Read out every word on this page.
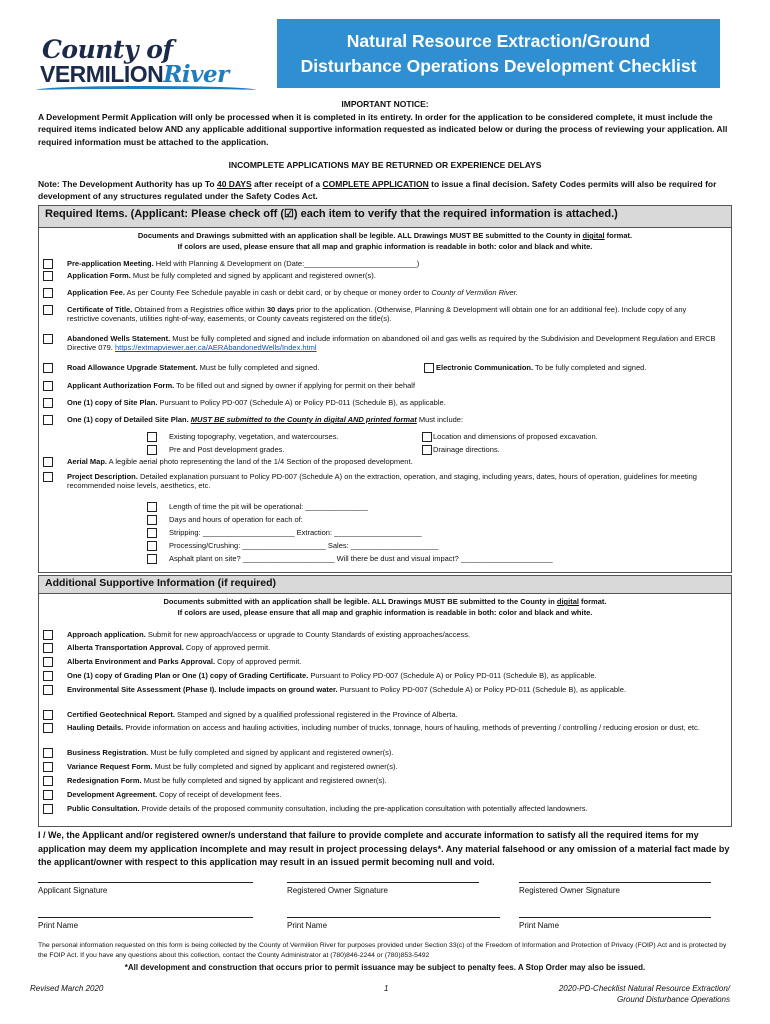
County of
VERMILIONRiver
Natural Resource Extraction/Ground
Disturbance Operations Development Checklist
IMPORTANT NOTICE:
A Development Permit Application will only be processed when it is completed in its entirety. In order for the application to be considered complete, it must include the required items indicated below AND any applicable additional supportive information requested as indicated below or during the process of reviewing your application. All required information must be attached to the application.
INCOMPLETE APPLICATIONS MAY BE RETURNED OR EXPERIENCE DELAYS
Note: The Development Authority has up To 40 DAYS after receipt of a COMPLETE APPLICATION to issue a final decision. Safety Codes permits will also be required for development of any structures regulated under the Safety Codes Act.
Required Items. (Applicant: Please check off (☑) each item to verify that the required information is attached.)
Documents and Drawings submitted with an application shall be legible. ALL Drawings MUST BE submitted to the County in digital format.
If colors are used, please ensure that all map and graphic information is readable in both: color and black and white.
Pre-application Meeting. Held with Planning & Development on (Date:___________________________)
Application Form. Must be fully completed and signed by applicant and registered owner(s).
Application Fee. As per County Fee Schedule payable in cash or debit card, or by cheque or money order to County of Vermilion River.
Certificate of Title. Obtained from a Registries office within 30 days prior to the application. (Otherwise, Planning & Development will obtain one for an additional fee). Include copy of any restrictive covenants, utilities right-of-way, easements, or County caveats registered on the title(s).
Abandoned Wells Statement. Must be fully completed and signed and include information on abandoned oil and gas wells as required by the Subdivision and Development Regulation and ERCB Directive 079. https://extmapviewer.aer.ca/AERAbandonedWells/Index.html
Road Allowance Upgrade Statement. Must be fully completed and signed.	Electronic Communication. To be fully completed and signed.
Applicant Authorization Form. To be filled out and signed by owner if applying for permit on their behalf
One (1) copy of Site Plan. Pursuant to Policy PD-007 (Schedule A) or Policy PD-011 (Schedule B), as applicable.
One (1) copy of Detailed Site Plan. MUST BE submitted to the County in digital AND printed format Must include:
Existing topography, vegetation, and watercourses.	Location and dimensions of proposed excavation.
Pre and Post development grades.	Drainage directions.
Aerial Map. A legible aerial photo representing the land of the 1/4 Section of the proposed development.
Project Description. Detailed explanation pursuant to Policy PD-007 (Schedule A) on the extraction, operation, and staging, including years, dates, hours of operation, guidelines for meeting recommended noise levels, aesthetics, etc.
Length of time the pit will be operational: _______________
Days and hours of operation for each of:
Stripping: ______________________ Extraction: _____________________
Processing/Crushing: ____________________ Sales: _____________________
Asphalt plant on site? ______________________ Will there be dust and visual impact? ______________________
Additional Supportive Information (if required)
Documents submitted with an application shall be legible. ALL Drawings MUST BE submitted to the County in digital format.
If colors are used, please ensure that all map and graphic information is readable in both: color and black and white.
Approach application. Submit for new approach/access or upgrade to County Standards of existing approaches/access.
Alberta Transportation Approval. Copy of approved permit.
Alberta Environment and Parks Approval. Copy of approved permit.
One (1) copy of Grading Plan or One (1) copy of Grading Certificate. Pursuant to Policy PD-007 (Schedule A) or Policy PD-011 (Schedule B), as applicable.
Environmental Site Assessment (Phase I). Include impacts on ground water. Pursuant to Policy PD-007 (Schedule A) or Policy PD-011 (Schedule B), as applicable.
Certified Geotechnical Report. Stamped and signed by a qualified professional registered in the Province of Alberta.
Hauling Details. Provide information on access and hauling activities, including number of trucks, tonnage, hours of hauling, methods of preventing / controlling / reducing erosion or dust, etc.
Business Registration. Must be fully completed and signed by applicant and registered owner(s).
Variance Request Form. Must be fully completed and signed by applicant and registered owner(s).
Redesignation Form. Must be fully completed and signed by applicant and registered owner(s).
Development Agreement. Copy of receipt of development fees.
Public Consultation. Provide details of the proposed community consultation, including the pre-application consultation with potentially affected landowners.
I / We, the Applicant and/or registered owner/s understand that failure to provide complete and accurate information to satisfy all the required items for my application may deem my application incomplete and may result in project processing delays*. Any material falsehood or any omission of a material fact made by the applicant/owner with respect to this application may result in an issued permit becoming null and void.
Applicant Signature	Registered Owner Signature	Registered Owner Signature
Print Name	Print Name	Print Name
The personal information requested on this form is being collected by the County of Vermilion River for purposes provided under Section 33(c) of the Freedom of Information and Protection of Privacy (FOIP) Act and is protected by the FOIP Act. If you have any questions about this collection, contact the County Administrator at (780)846-2244 or (780)853-5492
*All development and construction that occurs prior to permit issuance may be subject to penalty fees. A Stop Order may also be issued.
Revised March 2020	1	2020-PD-Checklist Natural Resource Extraction/
Ground Disturbance Operations
